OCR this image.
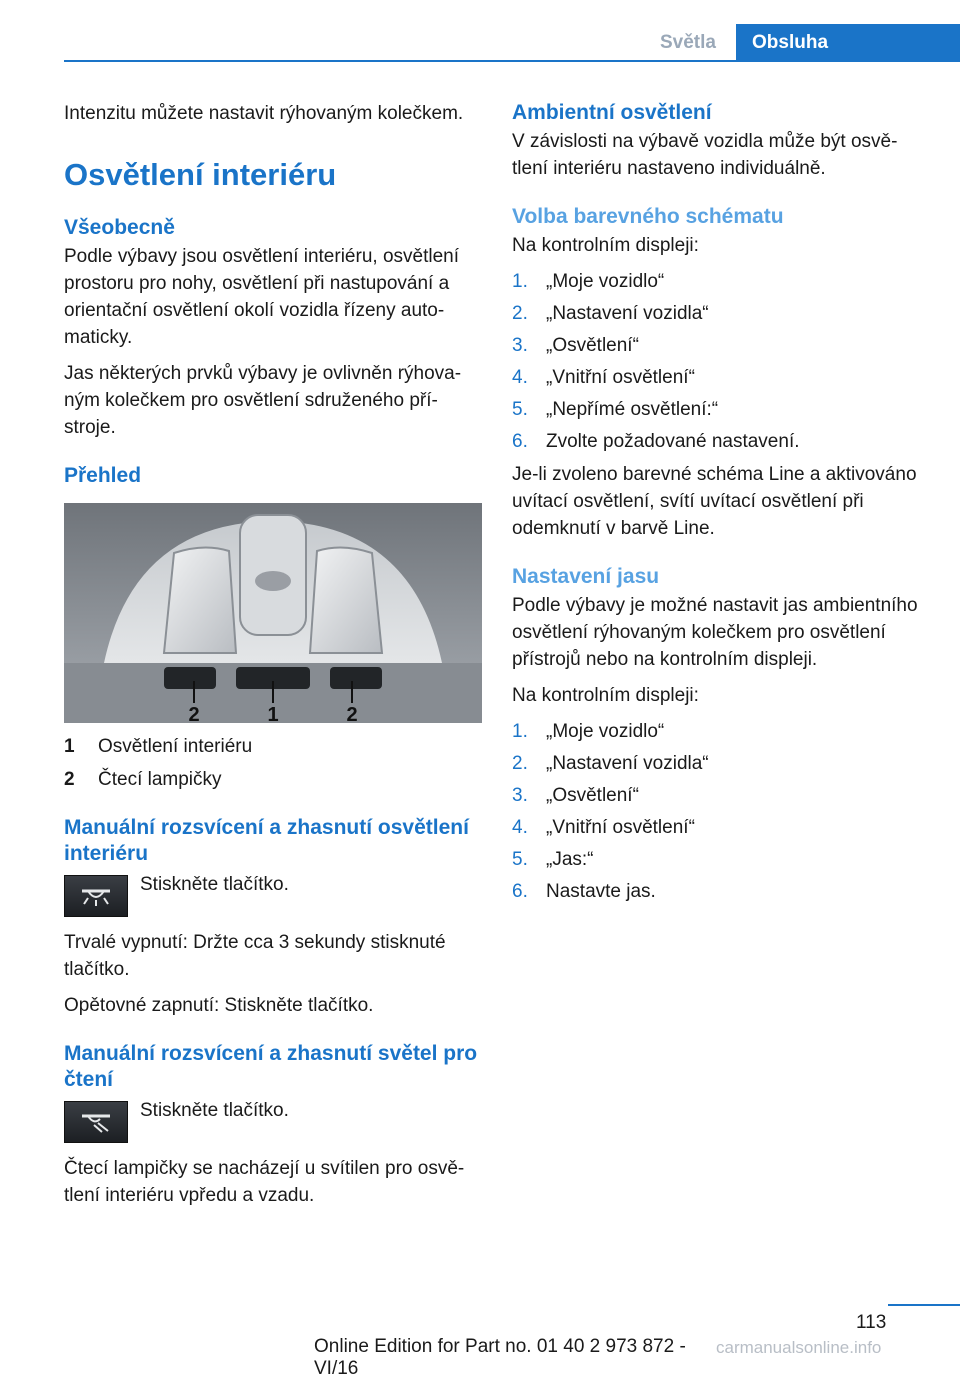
Světla	Obsluha

Intenzitu můžete nastavit rýhovaným kolečkem.

Osvětlení interiéru
Všeobecně

Podle výbavy jsou osvětlení interiéru, osvětlení prostoru pro nohy, osvětlení při nastupování a orientační osvětlení okolí vozidla řízeny automaticky.

Jas některých prvků výbavy je ovlivněn rýhovaným kolečkem pro osvětlení sdruženého přístroje.

Přehled
2	1	2
1	Osvětlení interiéru
2	Čtecí lampičky
Manuální rozsvícení a zhasnutí osvětlení interiéru
Stiskněte tlačítko.

Trvalé vypnutí: Držte cca 3 sekundy stisknuté tlačítko.

Opětovné zapnutí: Stiskněte tlačítko.

Manuální rozsvícení a zhasnutí světel pro čtení
Stiskněte tlačítko.

Čtecí lampičky se nacházejí u svítilen pro osvětlení interiéru vpředu a vzadu.

Ambientní osvětlení

V závislosti na výbavě vozidla může být osvětlení interiéru nastaveno individuálně.

Volba barevného schématu

Na kontrolním displeji:

1. „Moje vozidlo“
2. „Nastavení vozidla“
3. „Osvětlení“
4. „Vnitřní osvětlení“
5. „Nepřímé osvětlení:“
6. Zvolte požadované nastavení.

Je-li zvoleno barevné schéma Line a aktivováno uvítací osvětlení, svítí uvítací osvětlení při odemknutí v barvě Line.

Nastavení jasu

Podle výbavy je možné nastavit jas ambientního osvětlení rýhovaným kolečkem pro osvětlení přístrojů nebo na kontrolním displeji.

Na kontrolním displeji:

1. „Moje vozidlo“
2. „Nastavení vozidla“
3. „Osvětlení“
4. „Vnitřní osvětlení“
5. „Jas:“
6. Nastavte jas.
113
Online Edition for Part no. 01 40 2 973 872 - VI/16
carmanualsonline.info
